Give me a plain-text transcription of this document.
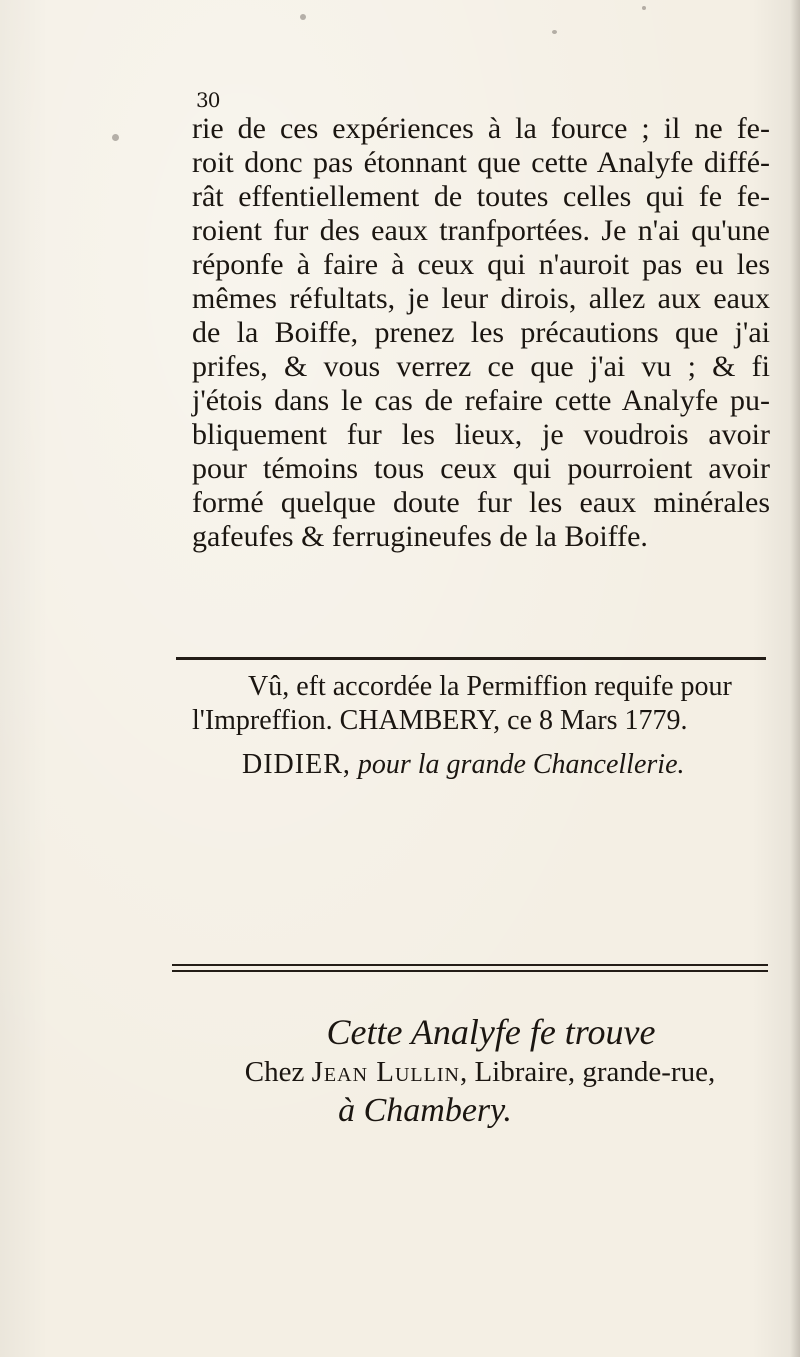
30
rie de ces expériences à la fource ; il ne fe-
roit donc pas étonnant que cette Analyfe diffé-
rât effentiellement de toutes celles qui fe fe-
roient fur des eaux tranfportées. Je n'ai qu'une
réponfe à faire à ceux qui n'auroit pas eu les
mêmes réfultats, je leur dirois, allez aux eaux
de la Boiffe, prenez les précautions que j'ai
prifes, & vous verrez ce que j'ai vu ; & fi
j'étois dans le cas de refaire cette Analyfe pu-
bliquement fur les lieux, je voudrois avoir
pour témoins tous ceux qui pourroient avoir
formé quelque doute fur les eaux minérales
gafeufes & ferrugineufes de la Boiffe.
Vû, eft accordée la Permiffion requife pour
l'Impreffion. CHAMBERY, ce 8 Mars 1779.
DIDIER, pour la grande Chancellerie.
Cette Analyfe fe trouve
Chez Jean Lullin, Libraire, grande-rue,
à Chambery.
